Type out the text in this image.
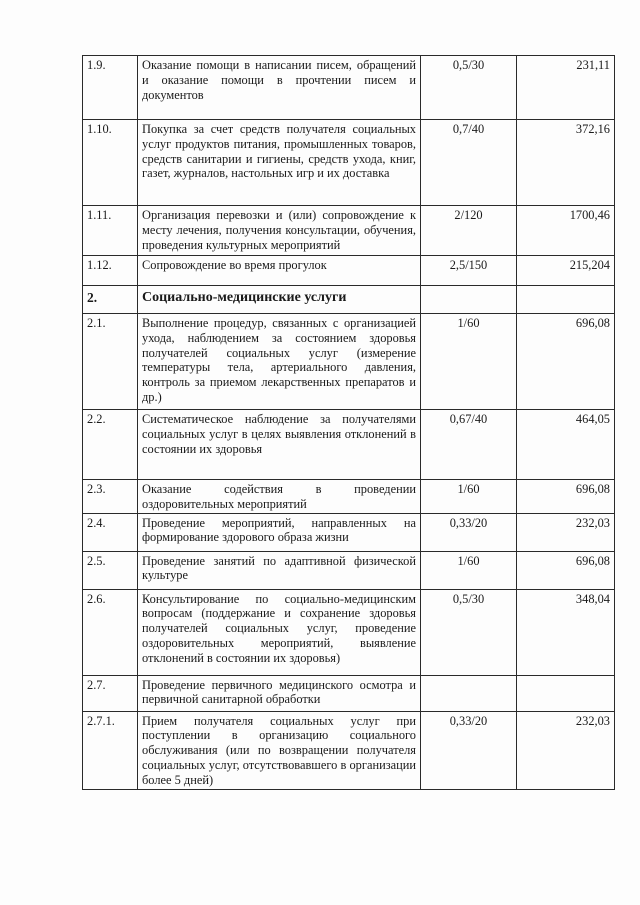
1.9.	Оказание помощи в написании писем, обращений и оказание помощи в прочтении писем и документов	0,5/30	231,11
1.10.	Покупка за счет средств получателя социальных услуг продуктов питания, промышленных товаров, средств санитарии и гигиены, средств ухода, книг, газет, журналов, настольных игр и их доставка	0,7/40	372,16
1.11.	Организация перевозки и (или) сопровождение к месту лечения, получения консультации, обучения, проведения культурных мероприятий	2/120	1700,46
1.12.	Сопровождение во время прогулок	2,5/150	215,204
2.	Социально-медицинские услуги		
2.1.	Выполнение процедур, связанных с организацией ухода, наблюдением за состоянием здоровья получателей социальных услуг (измерение температуры тела, артериального давления, контроль за приемом лекарственных препаратов и др.)	1/60	696,08
2.2.	Систематическое наблюдение за получателями социальных услуг в целях выявления отклонений в состоянии их здоровья	0,67/40	464,05
2.3.	Оказание содействия в проведении оздоровительных мероприятий	1/60	696,08
2.4.	Проведение мероприятий, направленных на формирование здорового образа жизни	0,33/20	232,03
2.5.	Проведение занятий по адаптивной физической культуре	1/60	696,08
2.6.	Консультирование по социально-медицинским вопросам (поддержание и сохранение здоровья получателей социальных услуг, проведение оздоровительных мероприятий, выявление отклонений в состоянии их здоровья)	0,5/30	348,04
2.7.	Проведение первичного медицинского осмотра и первичной санитарной обработки		
2.7.1.	Прием получателя социальных услуг при поступлении в организацию социального обслуживания (или по возвращении получателя социальных услуг, отсутствовавшего в организации более 5 дней)	0,33/20	232,03
